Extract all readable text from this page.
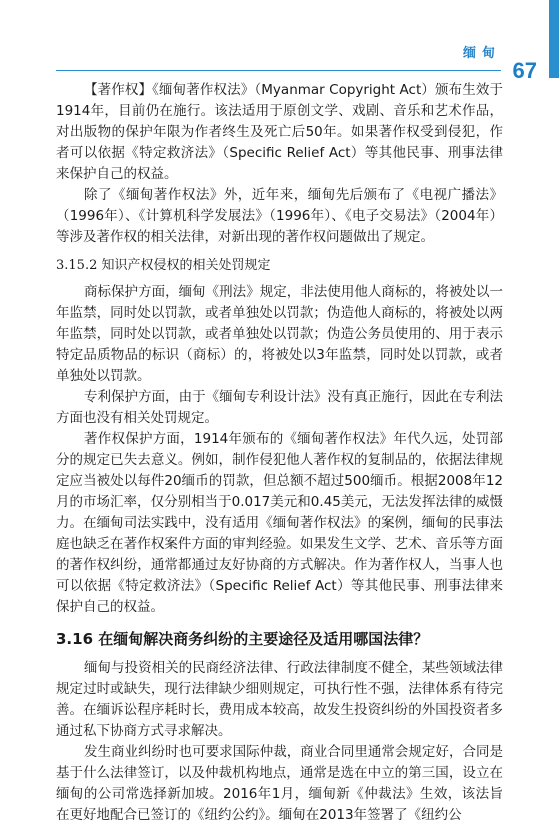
缅甸
67

【著作权】《缅甸著作权法》（Myanmar Copyright Act）颁布生效于1914年，目前仍在施行。该法适用于原创文学、戏剧、音乐和艺术作品，对出版物的保护年限为作者终生及死亡后50年。如果著作权受到侵犯，作者可以依据《特定救济法》（Specific Relief Act）等其他民事、刑事法律来保护自己的权益。

除了《缅甸著作权法》外，近年来，缅甸先后颁布了《电视广播法》（1996年）、《计算机科学发展法》（1996年）、《电子交易法》（2004年）等涉及著作权的相关法律，对新出现的著作权问题做出了规定。

3.15.2 知识产权侵权的相关处罚规定

商标保护方面，缅甸《刑法》规定，非法使用他人商标的，将被处以一年监禁，同时处以罚款，或者单独处以罚款；伪造他人商标的，将被处以两年监禁，同时处以罚款，或者单独处以罚款；伪造公务员使用的、用于表示特定品质物品的标识（商标）的，将被处以3年监禁，同时处以罚款，或者单独处以罚款。

专利保护方面，由于《缅甸专利设计法》没有真正施行，因此在专利法方面也没有相关处罚规定。

著作权保护方面，1914年颁布的《缅甸著作权法》年代久远，处罚部分的规定已失去意义。例如，制作侵犯他人著作权的复制品的，依据法律规定应当被处以每件20缅币的罚款，但总额不超过500缅币。根据2008年12月的市场汇率，仅分别相当于0.017美元和0.45美元，无法发挥法律的威慑力。在缅甸司法实践中，没有适用《缅甸著作权法》的案例，缅甸的民事法庭也缺乏在著作权案件方面的审判经验。如果发生文学、艺术、音乐等方面的著作权纠纷，通常都通过友好协商的方式解决。作为著作权人，当事人也可以依据《特定救济法》（Specific Relief Act）等其他民事、刑事法律来保护自己的权益。

3.16 在缅甸解决商务纠纷的主要途径及适用哪国法律？

缅甸与投资相关的民商经济法律、行政法律制度不健全，某些领域法律规定过时或缺失，现行法律缺少细则规定，可执行性不强，法律体系有待完善。在缅诉讼程序耗时长，费用成本较高，故发生投资纠纷的外国投资者多通过私下协商方式寻求解决。

发生商业纠纷时也可要求国际仲裁，商业合同里通常会规定好，合同是基于什么法律签订，以及仲裁机构地点，通常是选在中立的第三国，设立在缅甸的公司常选择新加坡。2016年1月，缅甸新《仲裁法》生效，该法旨在更好地配合已签订的《纽约公约》。缅甸在2013年签署了《纽约公
